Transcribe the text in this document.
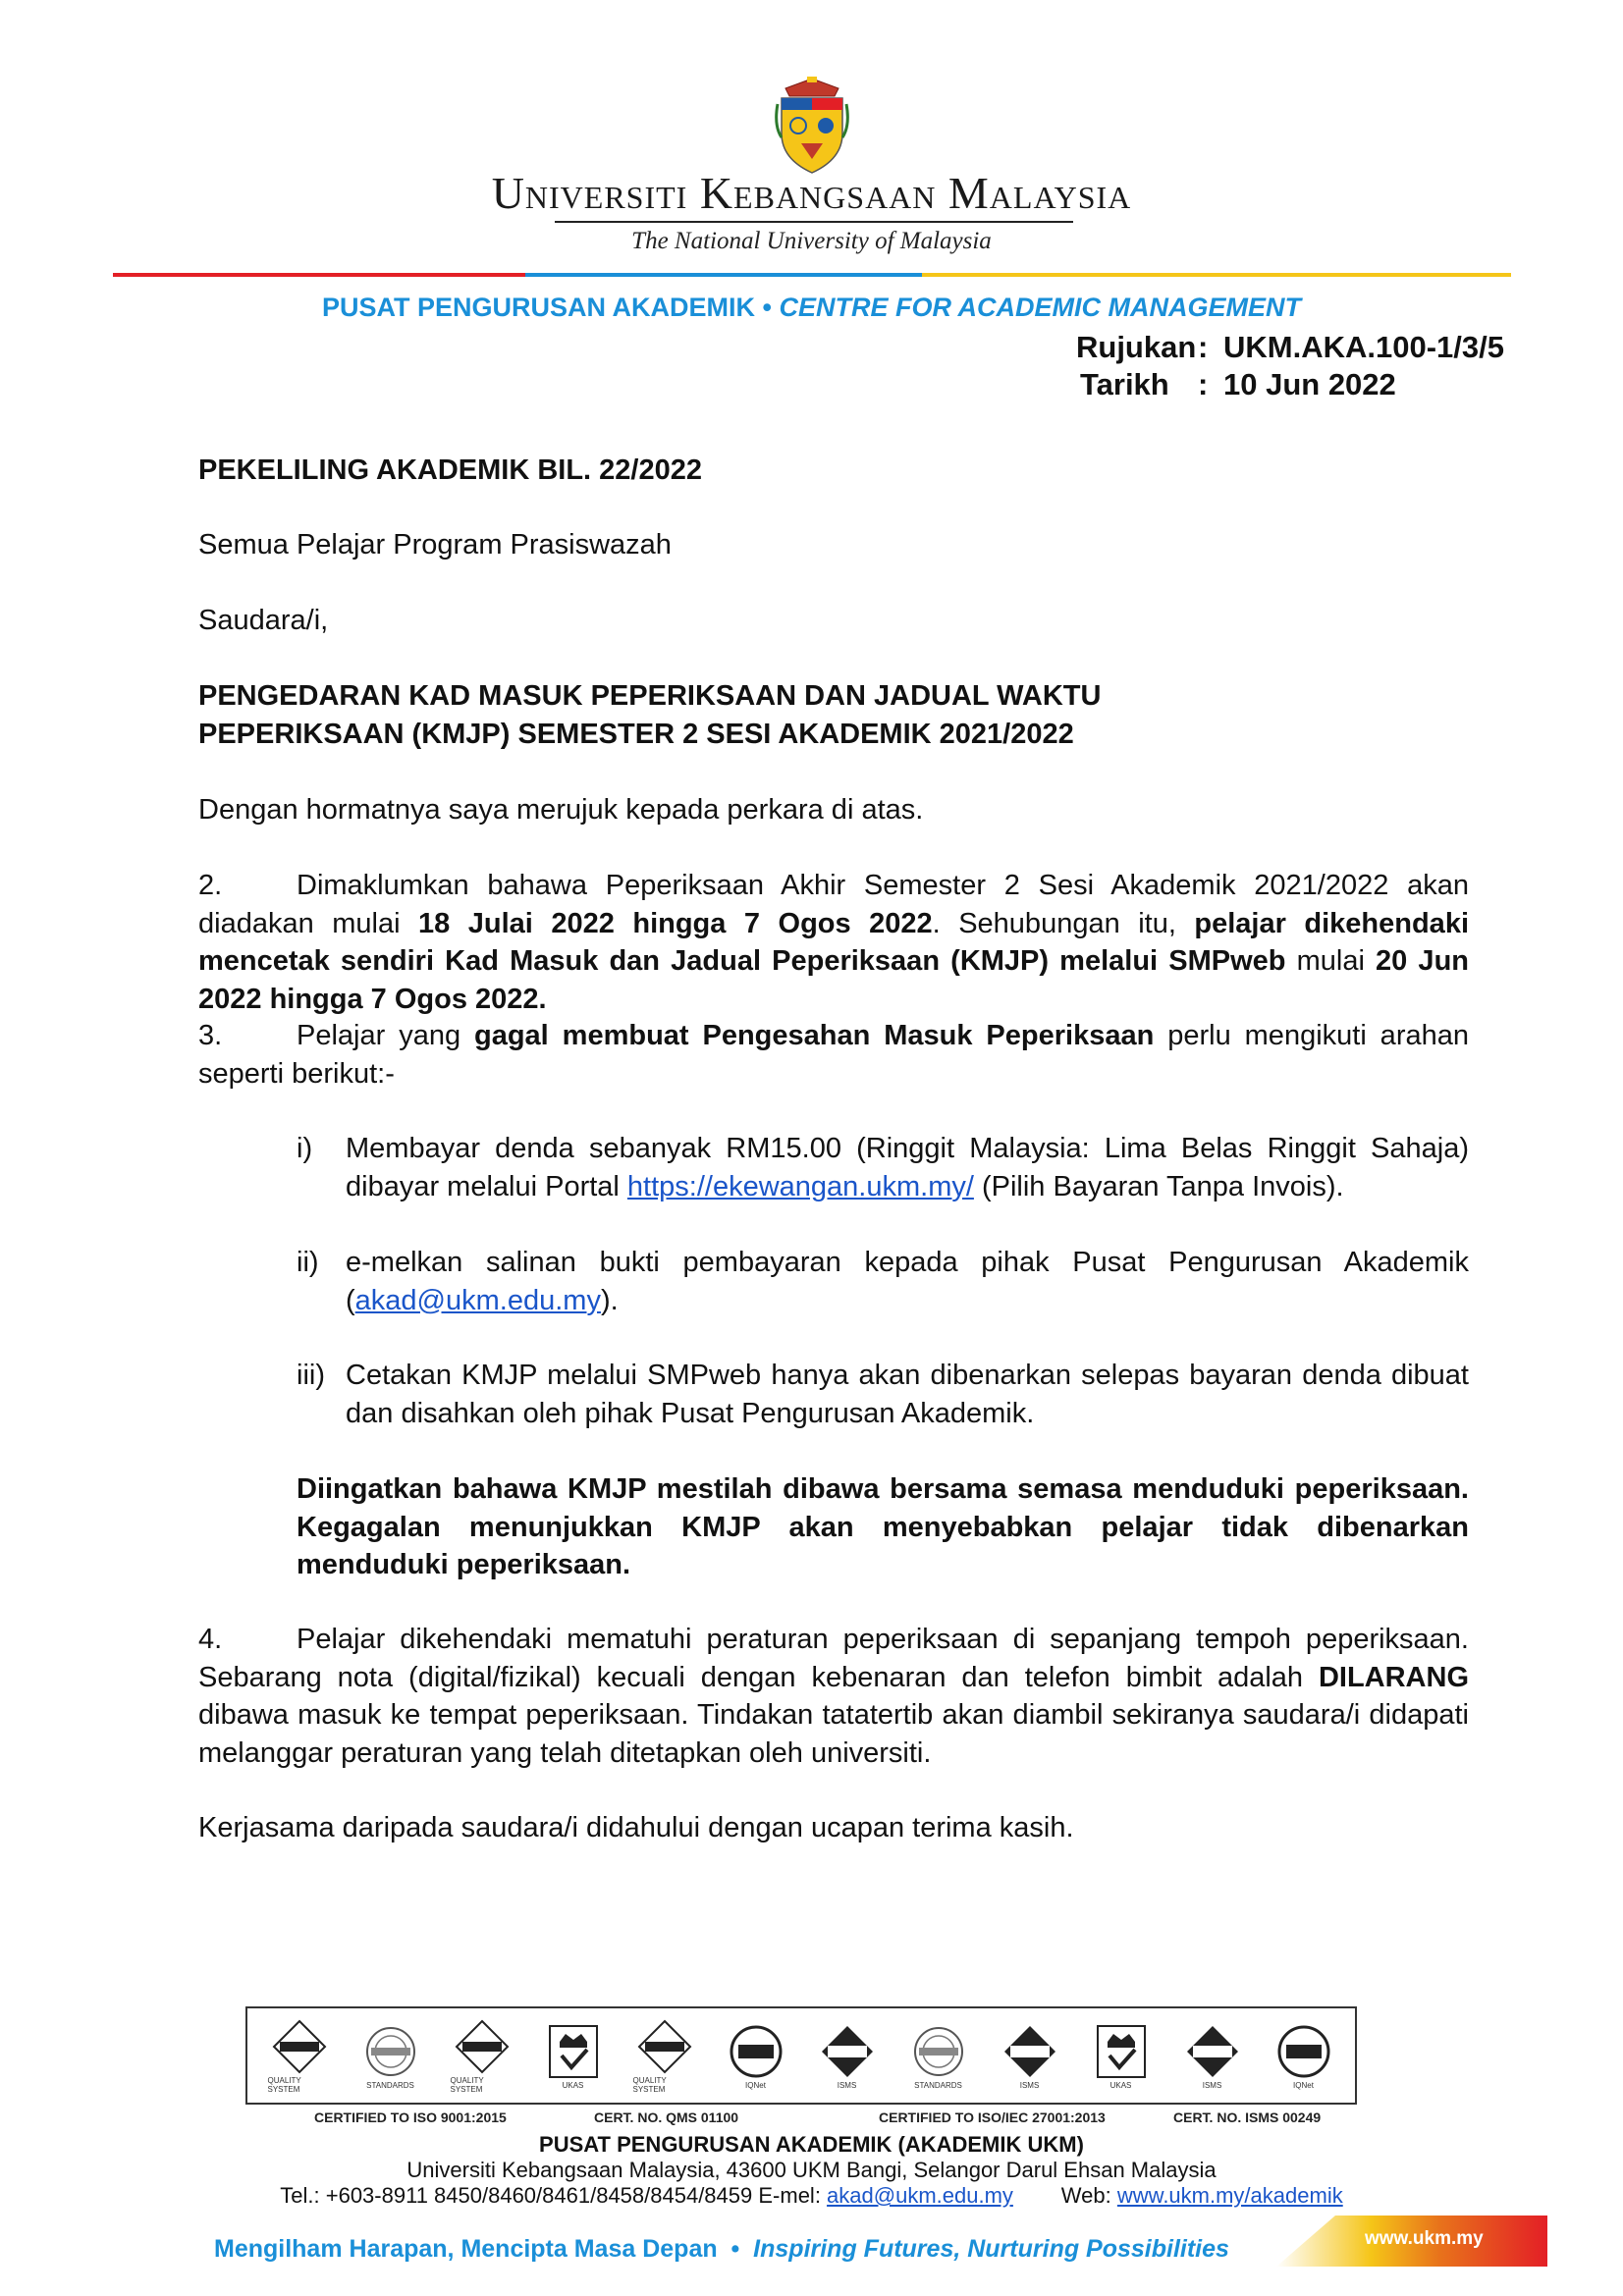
Universiti Kebangsaan Malaysia
The National University of Malaysia
PUSAT PENGURUSAN AKADEMIK • CENTRE FOR ACADEMIC MANAGEMENT
Rujukan : UKM.AKA.100-1/3/5
Tarikh : 10 Jun 2022
PEKELILING AKADEMIK BIL. 22/2022
Semua Pelajar Program Prasiswazah
Saudara/i,
PENGEDARAN KAD MASUK PEPERIKSAAN DAN JADUAL WAKTU
PEPERIKSAAN (KMJP) SEMESTER 2 SESI AKADEMIK 2021/2022
Dengan hormatnya saya merujuk kepada perkara di atas.
2.	Dimaklumkan bahawa Peperiksaan Akhir Semester 2 Sesi Akademik 2021/2022 akan diadakan mulai 18 Julai 2022 hingga 7 Ogos 2022. Sehubungan itu, pelajar dikehendaki mencetak sendiri Kad Masuk dan Jadual Peperiksaan (KMJP) melalui SMPweb mulai 20 Jun 2022 hingga 7 Ogos 2022.
3.	Pelajar yang gagal membuat Pengesahan Masuk Peperiksaan perlu mengikuti arahan seperti berikut:-
i)	Membayar denda sebanyak RM15.00 (Ringgit Malaysia: Lima Belas Ringgit Sahaja) dibayar melalui Portal https://ekewangan.ukm.my/ (Pilih Bayaran Tanpa Invois).
ii) e-melkan salinan bukti pembayaran kepada pihak Pusat Pengurusan Akademik (akad@ukm.edu.my).
iii) Cetakan KMJP melalui SMPweb hanya akan dibenarkan selepas bayaran denda dibuat dan disahkan oleh pihak Pusat Pengurusan Akademik.
Diingatkan bahawa KMJP mestilah dibawa bersama semasa menduduki peperiksaan. Kegagalan menunjukkan KMJP akan menyebabkan pelajar tidak dibenarkan menduduki peperiksaan.
4.	Pelajar dikehendaki mematuhi peraturan peperiksaan di sepanjang tempoh peperiksaan. Sebarang nota (digital/fizikal) kecuali dengan kebenaran dan telefon bimbit adalah DILARANG dibawa masuk ke tempat peperiksaan. Tindakan tatatertib akan diambil sekiranya saudara/i didapati melanggar peraturan yang telah ditetapkan oleh universiti.
Kerjasama daripada saudara/i didahului dengan ucapan terima kasih.
QUALITY SYSTEM	STANDARDS	QUALITY SYSTEM	UKAS	QUALITY SYSTEM	IQNet	ISMS	STANDARDS	ISMS	UKAS	ISMS	IQNet
CERTIFIED TO ISO 9001:2015	CERT. NO. QMS 01100	CERTIFIED TO ISO/IEC 27001:2013	CERT. NO. ISMS 00249
PUSAT PENGURUSAN AKADEMIK (AKADEMIK UKM)
Universiti Kebangsaan Malaysia, 43600 UKM Bangi, Selangor Darul Ehsan Malaysia
Tel.: +603-8911 8450/8460/8461/8458/8454/8459 E-mel: akad@ukm.edu.my        Web: www.ukm.my/akademik
Mengilham Harapan, Mencipta Masa Depan  •  Inspiring Futures, Nurturing Possibilities	www.ukm.my
